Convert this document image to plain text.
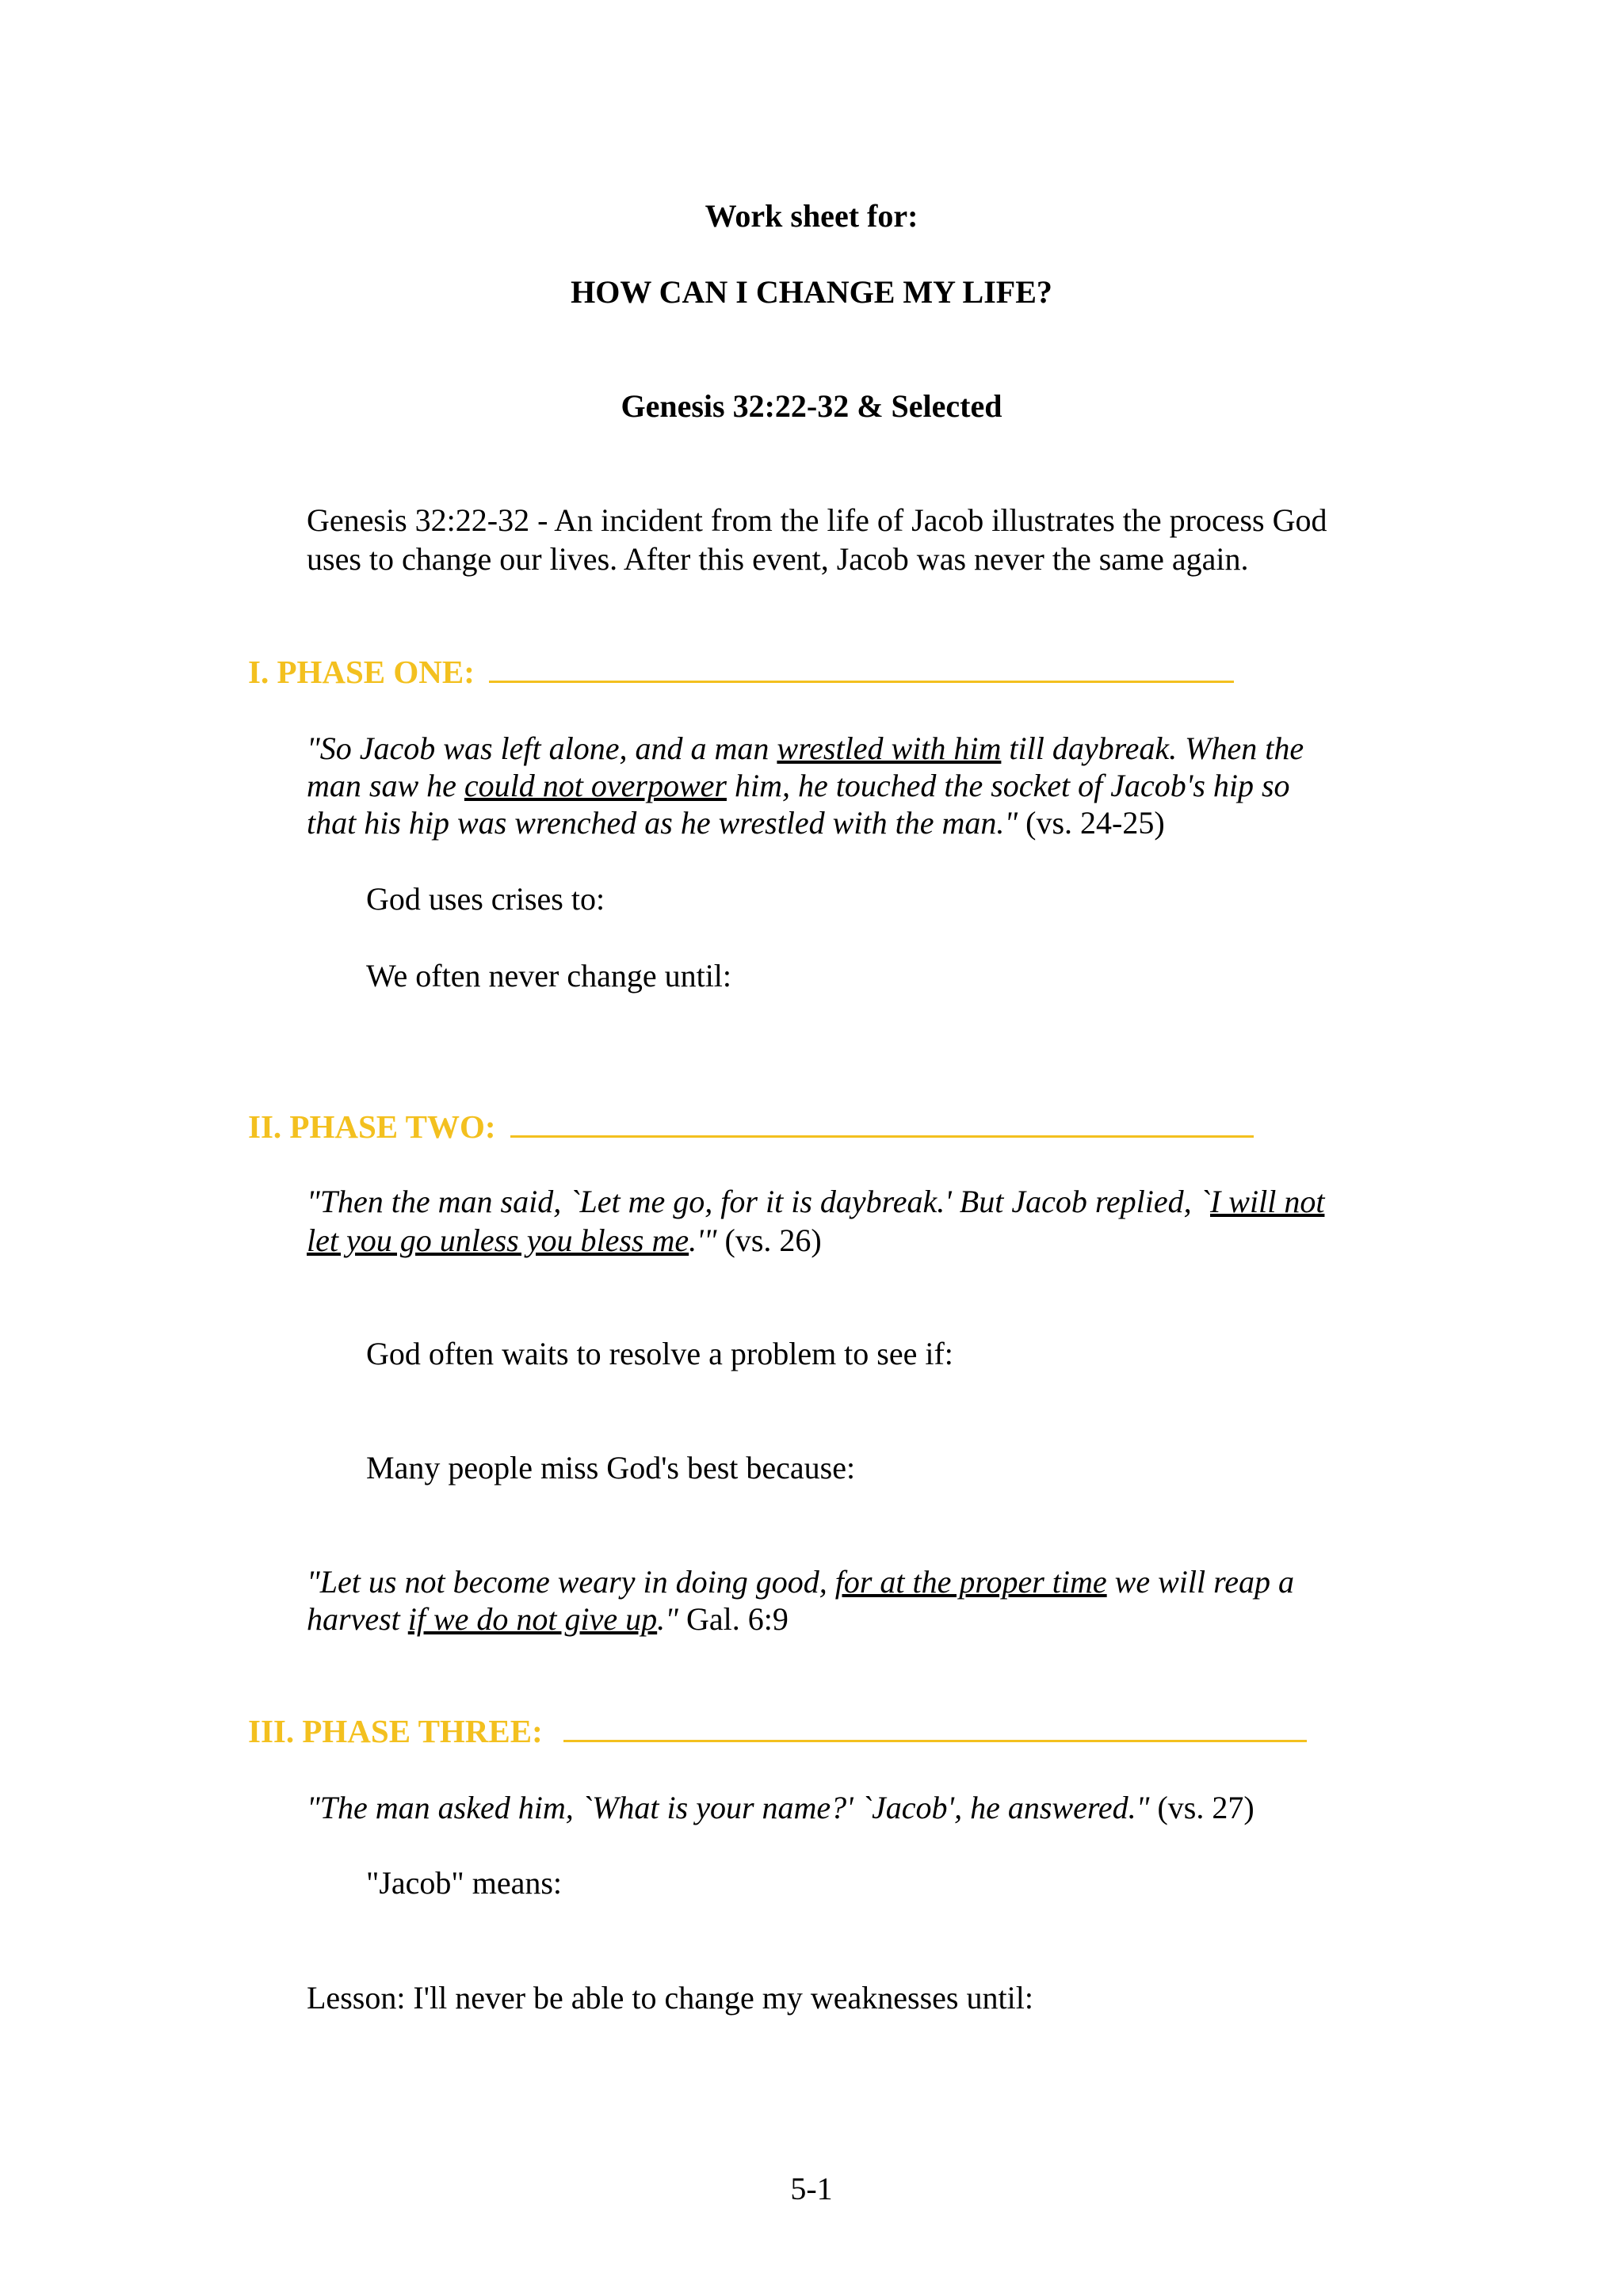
Work sheet for:

HOW CAN I CHANGE MY LIFE?

Genesis 32:22-32 & Selected

Genesis 32:22-32 - An incident from the life of Jacob illustrates the process God

uses to change our lives. After this event, Jacob was never the same again.

I. PHASE ONE:

"So Jacob was left alone, and a man wrestled with him till daybreak. When the

man saw he could not overpower him, he touched the socket of Jacob's hip so

that his hip was wrenched as he wrestled with the man." (vs. 24-25)

God uses crises to:

We often never change until:

II. PHASE TWO:

"Then the man said, `Let me go, for it is daybreak.' But Jacob replied, `I will not

let you go unless you bless me.'" (vs. 26)

God often waits to resolve a problem to see if:

Many people miss God's best because:

"Let us not become weary in doing good, for at the proper time we will reap a

harvest if we do not give up." Gal. 6:9

III. PHASE THREE:

"The man asked him, `What is your name?' `Jacob', he answered." (vs. 27)

"Jacob" means:

Lesson: I'll never be able to change my weaknesses until:

5-1
